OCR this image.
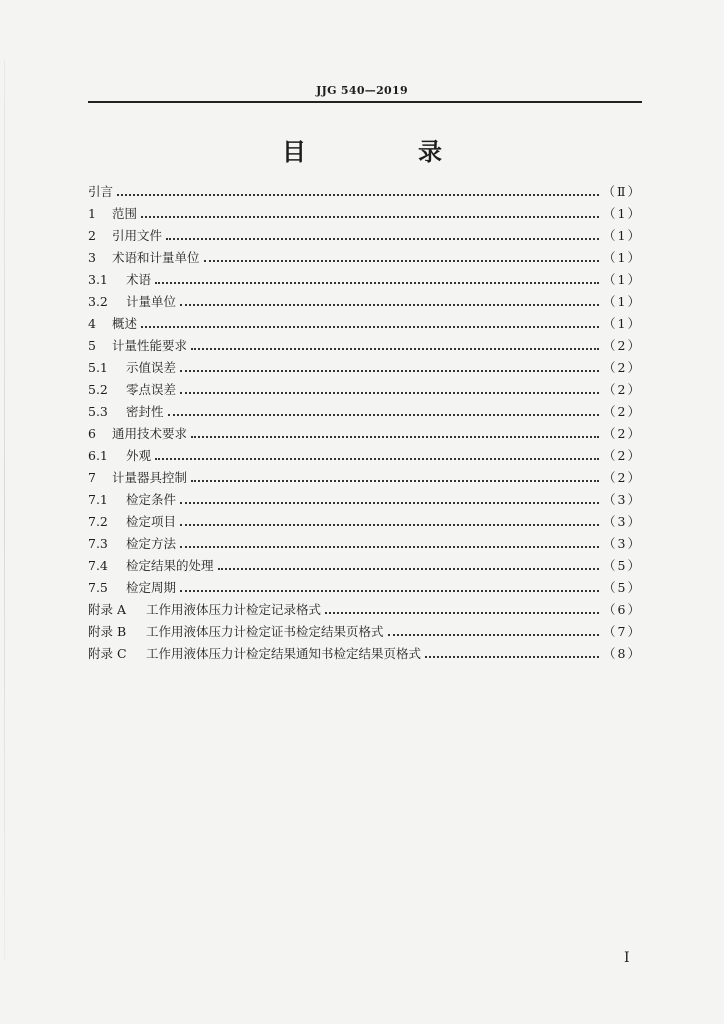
JJG 540—2019
目　录
引言	（Ⅱ）
1	范围	（1）
2	引用文件	（1）
3	术语和计量单位	（1）
3.1	术语	（1）
3.2	计量单位	（1）
4	概述	（1）
5	计量性能要求	（2）
5.1	示值误差	（2）
5.2	零点误差	（2）
5.3	密封性	（2）
6	通用技术要求	（2）
6.1	外观	（2）
7	计量器具控制	（2）
7.1	检定条件	（3）
7.2	检定项目	（3）
7.3	检定方法	（3）
7.4	检定结果的处理	（5）
7.5	检定周期	（5）
附录 A	工作用液体压力计检定记录格式	（6）
附录 B	工作用液体压力计检定证书检定结果页格式	（7）
附录 C	工作用液体压力计检定结果通知书检定结果页格式	（8）
Ⅰ
